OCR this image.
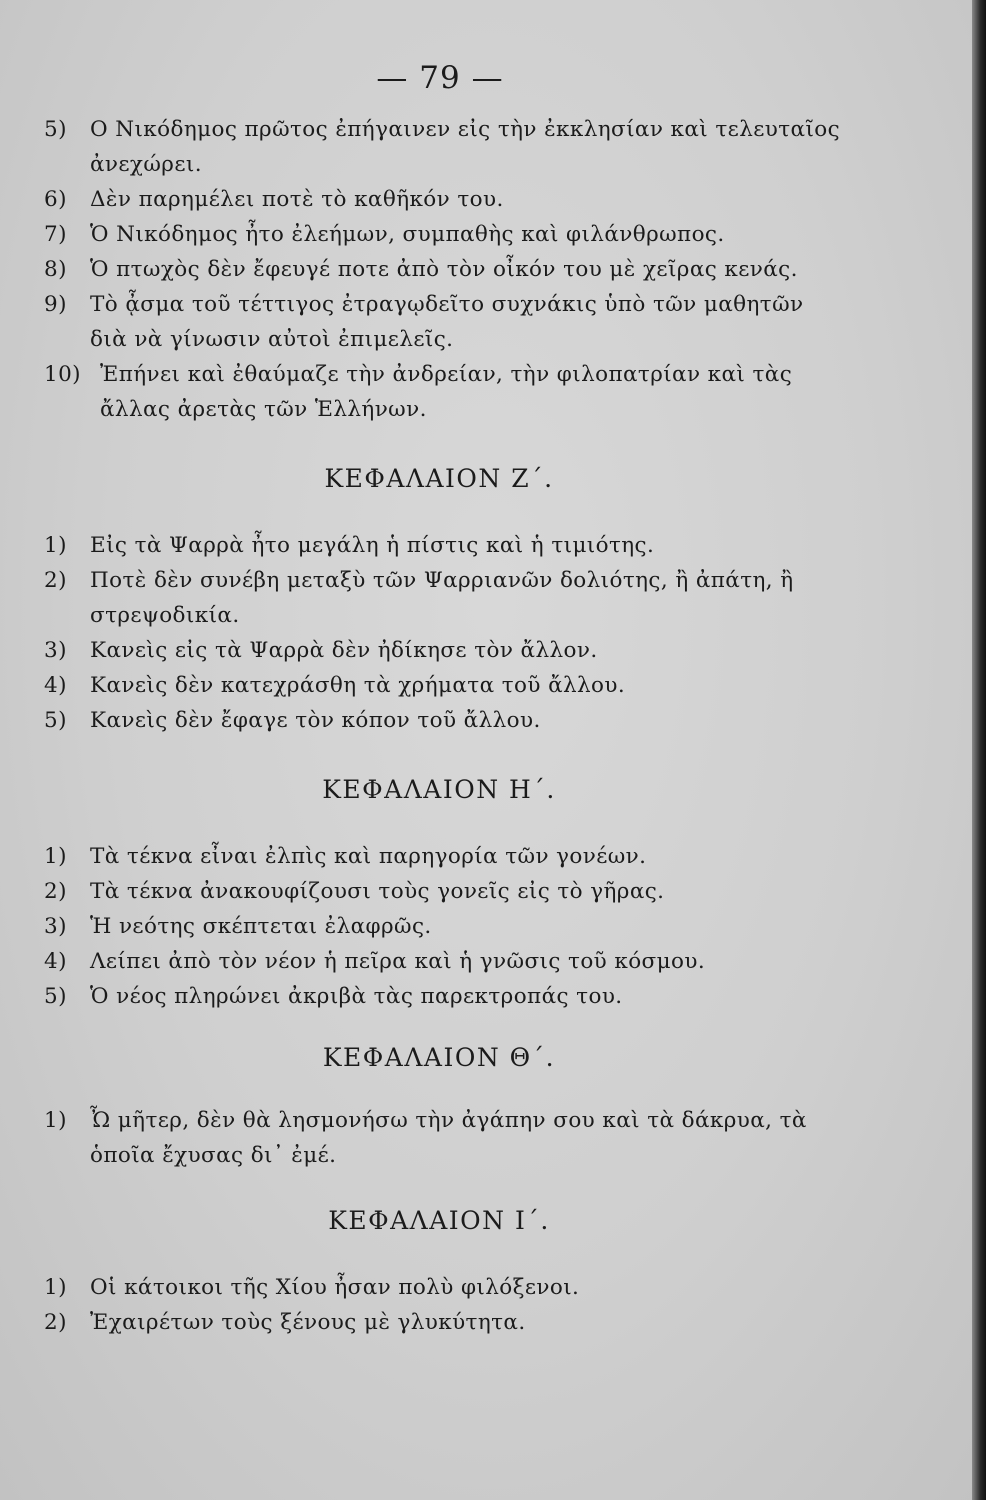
— 79 —

5) Ο Νικόδημος πρῶτος ἐπήγαινεν εἰς τὴν ἐκκλησίαν καὶ τελευταῖος ἀνεχώρει.

6) Δὲν παρημέλει ποτὲ τὸ καθῆκόν του.

7) Ὁ Νικόδημος ἦτο ἐλεήμων, συμπαθὴς καὶ φιλάνθρωπος.

8) Ὁ πτωχὸς δὲν ἔφευγέ ποτε ἀπὸ τὸν οἶκόν του μὲ χεῖρας κενάς.

9) Τὸ ᾆσμα τοῦ τέττιγος ἐτραγῳδεῖτο συχνάκις ὑπὸ τῶν μαθητῶν διὰ νὰ γίνωσιν αὐτοὶ ἐπιμελεῖς.

10) Ἐπήνει καὶ ἐθαύμαζε τὴν ἀνδρείαν, τὴν φιλοπατρίαν καὶ τὰς ἄλλας ἀρετὰς τῶν Ἑλλήνων.

ΚΕΦΑΛΑΙΟΝ Ζ΄.

1) Εἰς τὰ Ψαρρὰ ἦτο μεγάλη ἡ πίστις καὶ ἡ τιμιότης.

2) Ποτὲ δὲν συνέβη μεταξὺ τῶν Ψαρριανῶν δολιότης, ἢ ἀπάτη, ἢ στρεψοδικία.

3) Κανεὶς εἰς τὰ Ψαρρὰ δὲν ἠδίκησε τὸν ἄλλον.

4) Κανεὶς δὲν κατεχράσθη τὰ χρήματα τοῦ ἄλλου.

5) Κανεὶς δὲν ἔφαγε τὸν κόπον τοῦ ἄλλου.

ΚΕΦΑΛΑΙΟΝ Η΄.

1) Τὰ τέκνα εἶναι ἐλπὶς καὶ παρηγορία τῶν γονέων.

2) Τὰ τέκνα ἀνακουφίζουσι τοὺς γονεῖς εἰς τὸ γῆρας.

3) Ἡ νεότης σκέπτεται ἐλαφρῶς.

4) Λείπει ἀπὸ τὸν νέον ἡ πεῖρα καὶ ἡ γνῶσις τοῦ κόσμου.

5) Ὁ νέος πληρώνει ἀκριβὰ τὰς παρεκτροπάς του.

ΚΕΦΑΛΑΙΟΝ Θ΄.

1) Ὦ μῆτερ, δὲν θὰ λησμονήσω τὴν ἀγάπην σου καὶ τὰ δάκρυα, τὰ ὁποῖα ἔχυσας δι᾽ ἐμέ.

ΚΕΦΑΛΑΙΟΝ Ι΄.

1) Οἱ κάτοικοι τῆς Χίου ἦσαν πολὺ φιλόξενοι.

2) Ἐχαιρέτων τοὺς ξένους μὲ γλυκύτητα.
